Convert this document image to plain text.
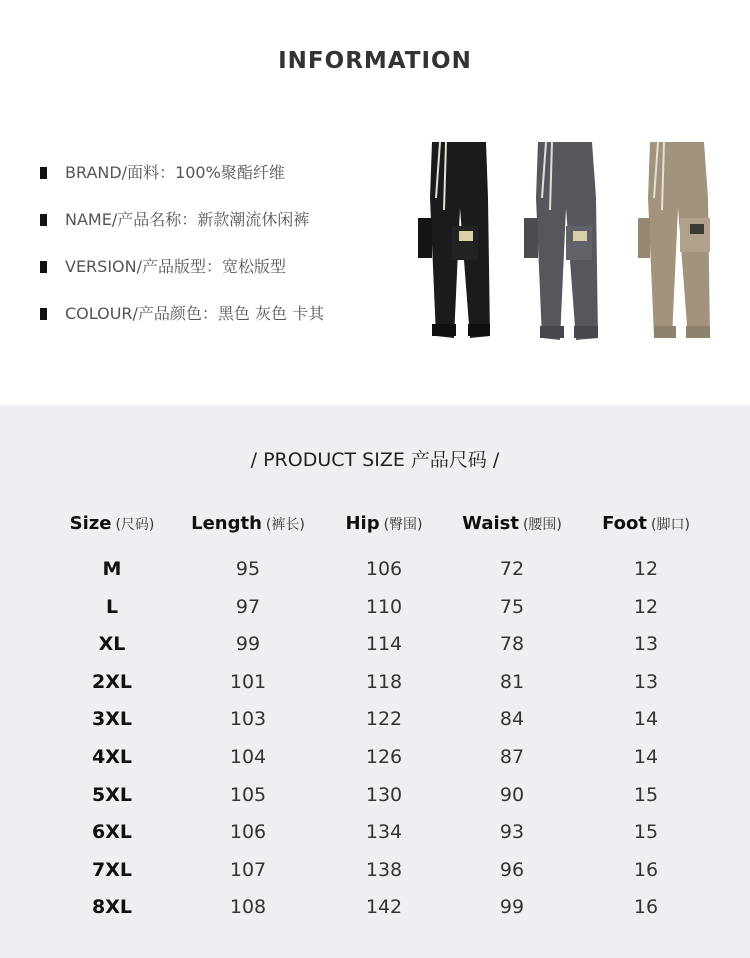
INFORMATION
BRAND/面料：100%聚酯纤维
NAME/产品名称：新款潮流休闲裤
VERSION/产品版型：宽松版型
COLOUR/产品颜色：黑色 灰色 卡其
/ PRODUCT SIZE 产品尺码 /
Size (尺码) Length (裤长) Hip (臀围) Waist (腰围) Foot (脚口)
M	95	106	72	12
L	97	110	75	12
XL	99	114	78	13
2XL	101	118	81	13
3XL	103	122	84	14
4XL	104	126	87	14
5XL	105	130	90	15
6XL	106	134	93	15
7XL	107	138	96	16
8XL	108	142	99	16
